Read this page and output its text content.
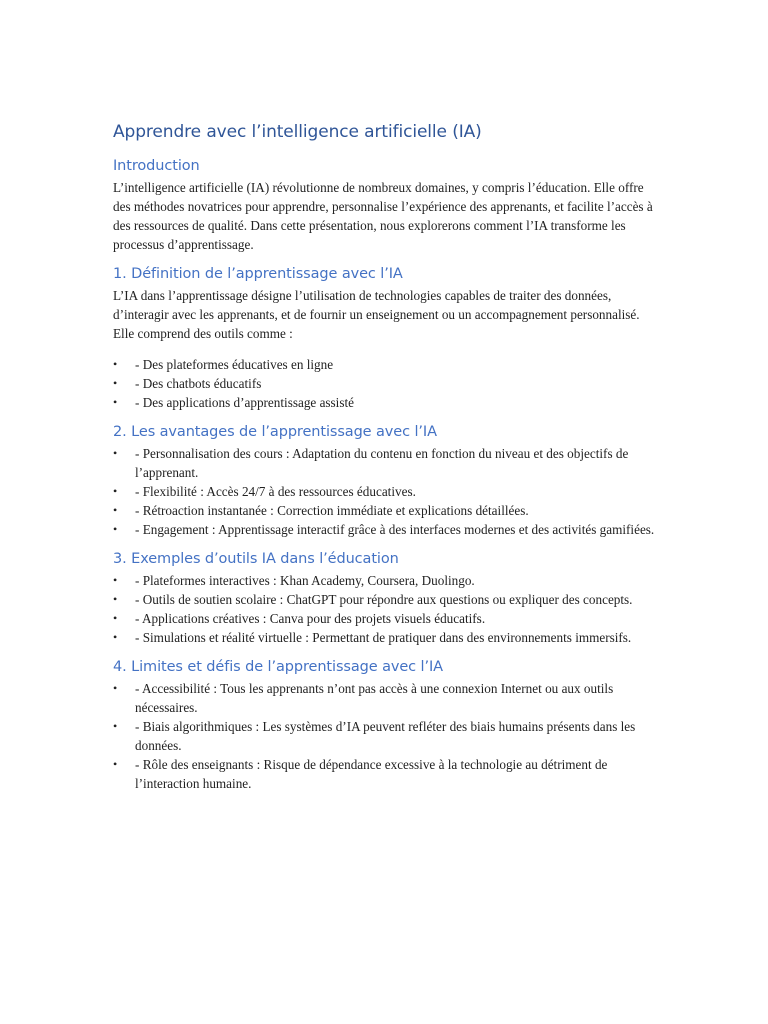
Apprendre avec l’intelligence artificielle (IA)
Introduction

L’intelligence artificielle (IA) révolutionne de nombreux domaines, y compris l’éducation. Elle offre des méthodes novatrices pour apprendre, personnalise l’expérience des apprenants, et facilite l’accès à des ressources de qualité. Dans cette présentation, nous explorerons comment l’IA transforme les processus d’apprentissage.

1. Définition de l’apprentissage avec l’IA

L’IA dans l’apprentissage désigne l’utilisation de technologies capables de traiter des données, d’interagir avec les apprenants, et de fournir un enseignement ou un accompagnement personnalisé. Elle comprend des outils comme :

• - Des plateformes éducatives en ligne
• - Des chatbots éducatifs
• - Des applications d’apprentissage assisté
2. Les avantages de l’apprentissage avec l’IA
• - Personnalisation des cours : Adaptation du contenu en fonction du niveau et des objectifs de l’apprenant.
• - Flexibilité : Accès 24/7 à des ressources éducatives.
• - Rétroaction instantanée : Correction immédiate et explications détaillées.
• - Engagement : Apprentissage interactif grâce à des interfaces modernes et des activités gamifiées.
3. Exemples d’outils IA dans l’éducation
• - Plateformes interactives : Khan Academy, Coursera, Duolingo.
• - Outils de soutien scolaire : ChatGPT pour répondre aux questions ou expliquer des concepts.
• - Applications créatives : Canva pour des projets visuels éducatifs.
• - Simulations et réalité virtuelle : Permettant de pratiquer dans des environnements immersifs.
4. Limites et défis de l’apprentissage avec l’IA
• - Accessibilité : Tous les apprenants n’ont pas accès à une connexion Internet ou aux outils nécessaires.
• - Biais algorithmiques : Les systèmes d’IA peuvent refléter des biais humains présents dans les données.
• - Rôle des enseignants : Risque de dépendance excessive à la technologie au détriment de l’interaction humaine.
